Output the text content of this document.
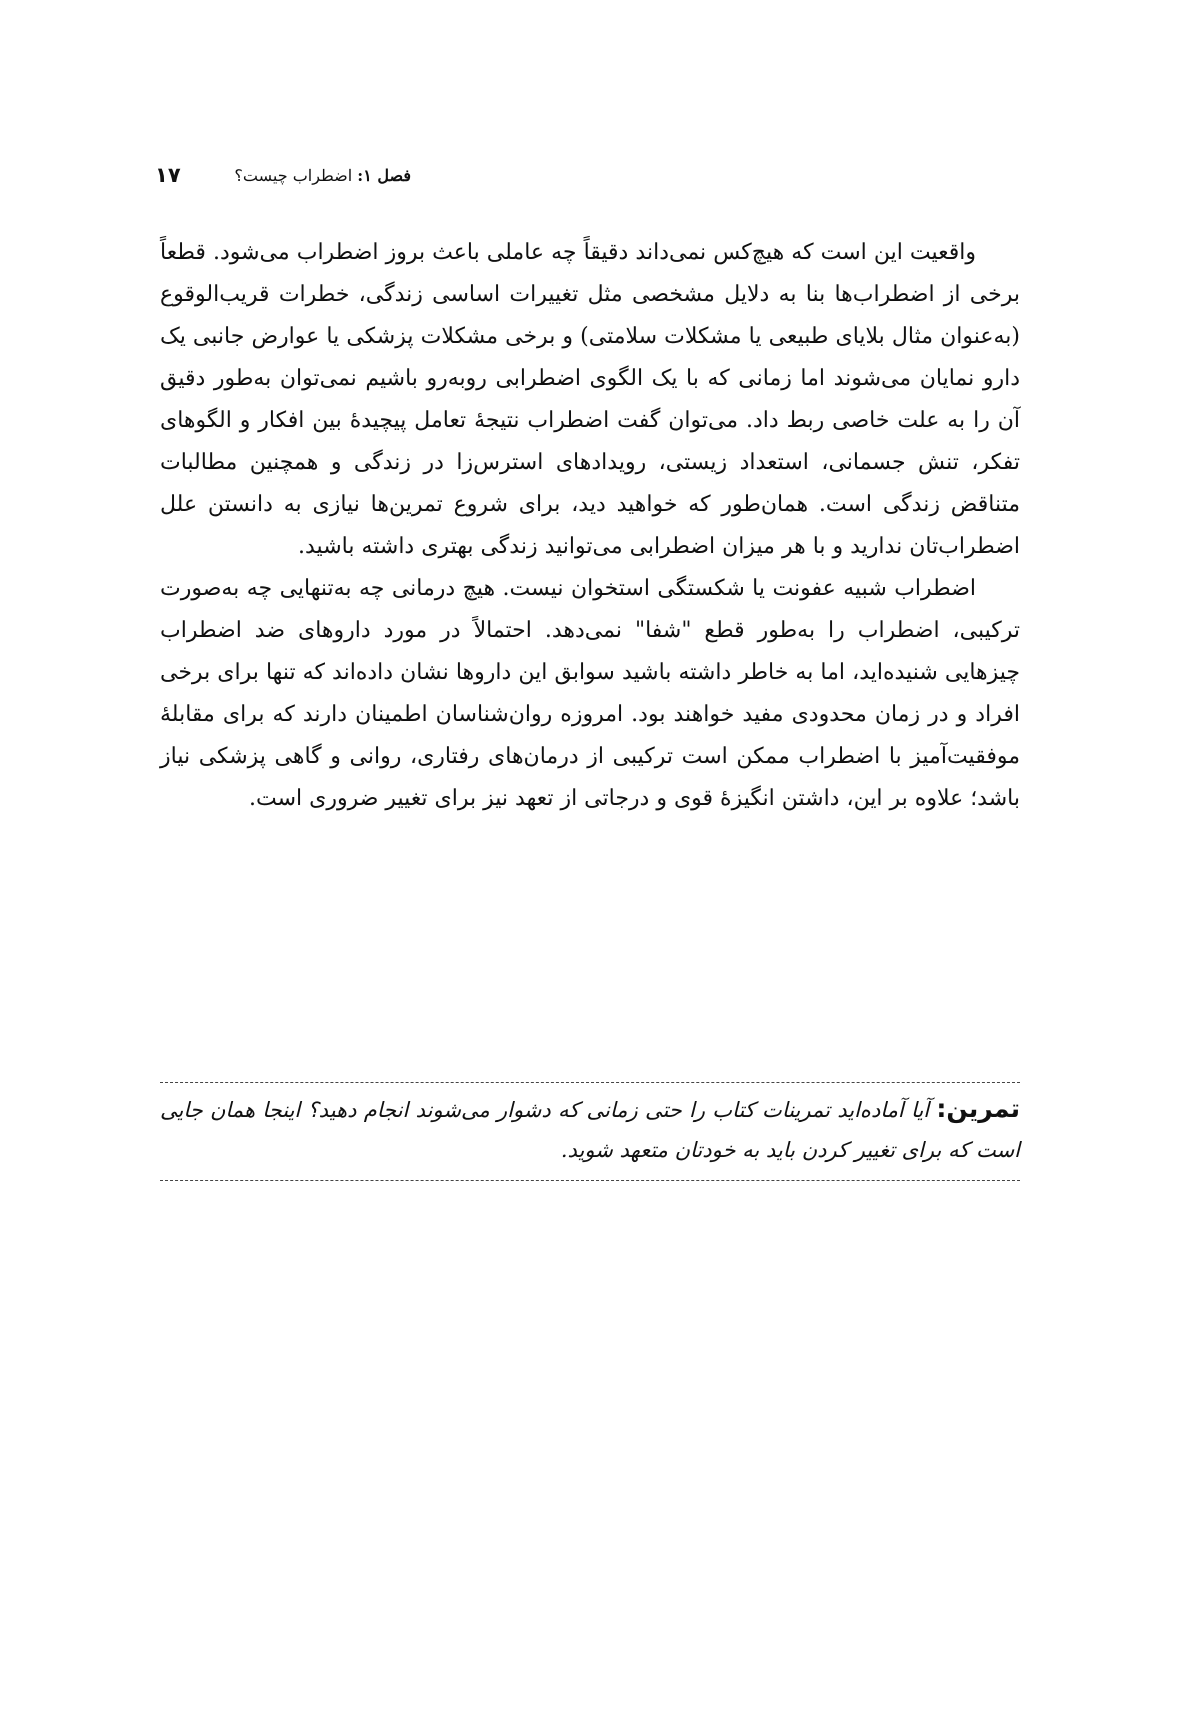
۱۷	فصل ۱: اضطراب چیست؟

واقعیت این است که هیچ‌کس نمی‌داند دقیقاً چه عاملی باعث بروز اضطراب می‌شود. قطعاً برخی از اضطراب‌ها بنا به دلایل مشخصی مثل تغییرات اساسی زندگی، خطرات قریب‌الوقوع (به‌عنوان مثال بلایای طبیعی یا مشکلات سلامتی) و برخی مشکلات پزشکی یا عوارض جانبی یک دارو نمایان می‌شوند اما زمانی که با یک الگوی اضطرابی روبه‌رو باشیم نمی‌توان به‌طور دقیق آن را به علت خاصی ربط داد. می‌توان گفت اضطراب نتیجهٔ تعامل پیچیدهٔ بین افکار و الگوهای تفکر، تنش جسمانی، استعداد زیستی، رویدادهای استرس‌زا در زندگی و همچنین مطالبات متناقض زندگی است. همان‌طور که خواهید دید، برای شروع تمرین‌ها نیازی به دانستن علل اضطراب‌تان ندارید و با هر میزان اضطرابی می‌توانید زندگی بهتری داشته باشید.

اضطراب شبیه عفونت یا شکستگی استخوان نیست. هیچ درمانی چه به‌تنهایی چه به‌صورت ترکیبی، اضطراب را به‌طور قطع "شفا" نمی‌دهد. احتمالاً در مورد داروهای ضد اضطراب چیزهایی شنیده‌اید، اما به خاطر داشته باشید سوابق این داروها نشان داده‌اند که تنها برای برخی افراد و در زمان محدودی مفید خواهند بود. امروزه روان‌شناسان اطمینان دارند که برای مقابلهٔ موفقیت‌آمیز با اضطراب ممکن است ترکیبی از درمان‌های رفتاری، روانی و گاهی پزشکی نیاز باشد؛ علاوه بر این، داشتن انگیزهٔ قوی و درجاتی از تعهد نیز برای تغییر ضروری است.

تمرین: آیا آماده‌اید تمرینات کتاب را حتی زمانی که دشوار می‌شوند انجام دهید؟ اینجا همان جایی است که برای تغییر کردن باید به خودتان متعهد شوید.
